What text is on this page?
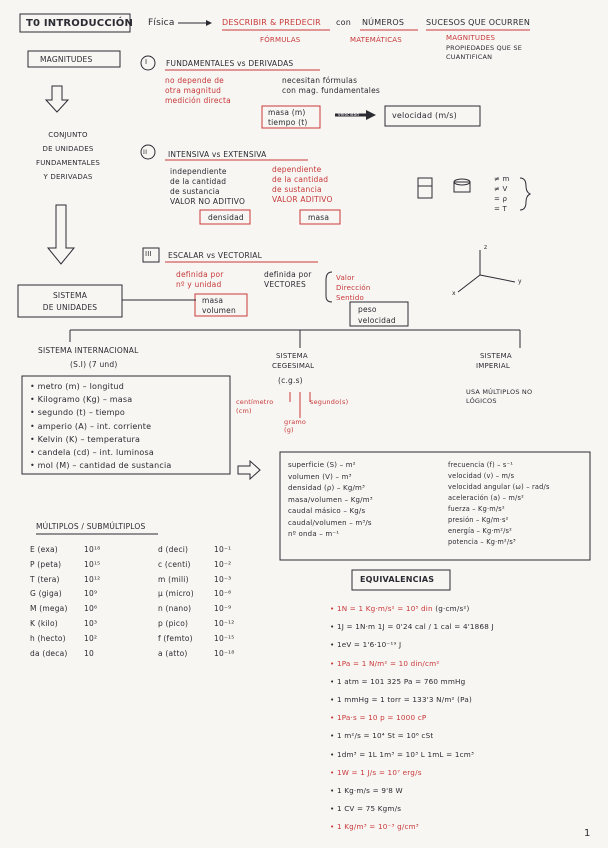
T0 INTRODUCCIÓN Física	DESCRIBIR & PREDECIR con NÚMEROS	SUCESOS QUE OCURREN
FÓRMULAS	MATEMÁTICAS	MAGNITUDES
PROPIEDADES QUE SE CUANTIFICAN
MAGNITUDES
CONJUNTO
DE UNIDADES
FUNDAMENTALES
Y DERIVADAS
I FUNDAMENTALES vs DERIVADAS
no depende de
otra magnitud
medición directa
necesitan fórmulas
con mag. fundamentales
masa (m)
tiempo (t)
velocidad	velocidad (m/s)
II	INTENSIVA vs EXTENSIVA
independiente
de la cantidad
de sustancia
VALOR NO ADITIVO
dependiente
de la cantidad
de sustancia
VALOR ADITIVO
densidad	masa
≠ m
≠ V
= ρ
= T
III ESCALAR vs VECTORIAL
definida por
nº y unidad
definida por
VECTORES
Valor
Dirección
Sentido
masa
volumen	peso
velocidad
z
x
y
SISTEMA
DE UNIDADES
SISTEMA INTERNACIONAL
(S.I) (7 und)
• metro (m) – longitud
• Kilogramo (Kg) – masa
• segundo (t) – tiempo
• amperio (A) – int. corriente
• Kelvin (K) – temperatura
• candela (cd) – int. luminosa
• mol (M) – cantidad de sustancia
SISTEMA
CEGESIMAL
(c.g.s)
centímetro (cm)
segundo(s)
gramo (g)
SISTEMA
IMPERIAL
USA MÚLTIPLOS NO
LÓGICOS
superficie (S) – m²
volumen (V) – m³
densidad (ρ) – Kg/m³
masa/volumen – Kg/m³
caudal másico – Kg/s
caudal/volumen – m³/s
nº onda – m⁻¹
frecuencia (f) – s⁻¹
velocidad (v) – m/s
velocidad angular (ω) – rad/s
aceleración (a) – m/s²
fuerza – Kg·m/s²
presión – Kg/m·s²
energía – Kg·m²/s²
potencia – Kg·m²/s³
MÚLTIPLOS / SUBMÚLTIPLOS
E (exa)	10¹⁸
P (peta)	10¹⁵
T (tera)	10¹²
G (giga)	10⁹
M (mega) 10⁶
K (kilo)	10³
h (hecto) 10²
da (deca) 10
d (deci)	10⁻¹
c (centi)	10⁻²
m (mili)	10⁻³
μ (micro)	10⁻⁶
n (nano)	10⁻⁹
p (pico)	10⁻¹²
f (femto)	10⁻¹⁵
a (atto)	10⁻¹⁸
EQUIVALENCIAS
• 1N = 1 Kg·m/s² = 10⁵ din (g·cm/s²)
• 1J = 1N·m 1J = 0'24 cal / 1 cal = 4'1868 J
• 1eV = 1'6·10⁻¹⁹ J
• 1Pa = 1 N/m² = 10 din/cm²
• 1 atm = 101 325 Pa = 760 mmHg
• 1 mmHg = 1 torr = 133'3 N/m² (Pa)
• 1Pa·s = 10 p = 1000 cP
• 1 m²/s = 10⁴ St = 10⁶ cSt
• 1dm³ = 1L 1m³ = 10³ L 1mL = 1cm³
• 1W = 1 J/s = 10⁷ erg/s
• 1 Kg·m/s = 9'8 W
• 1 CV = 75 Kgm/s
• 1 Kg/m³ = 10⁻³ g/cm³
1
